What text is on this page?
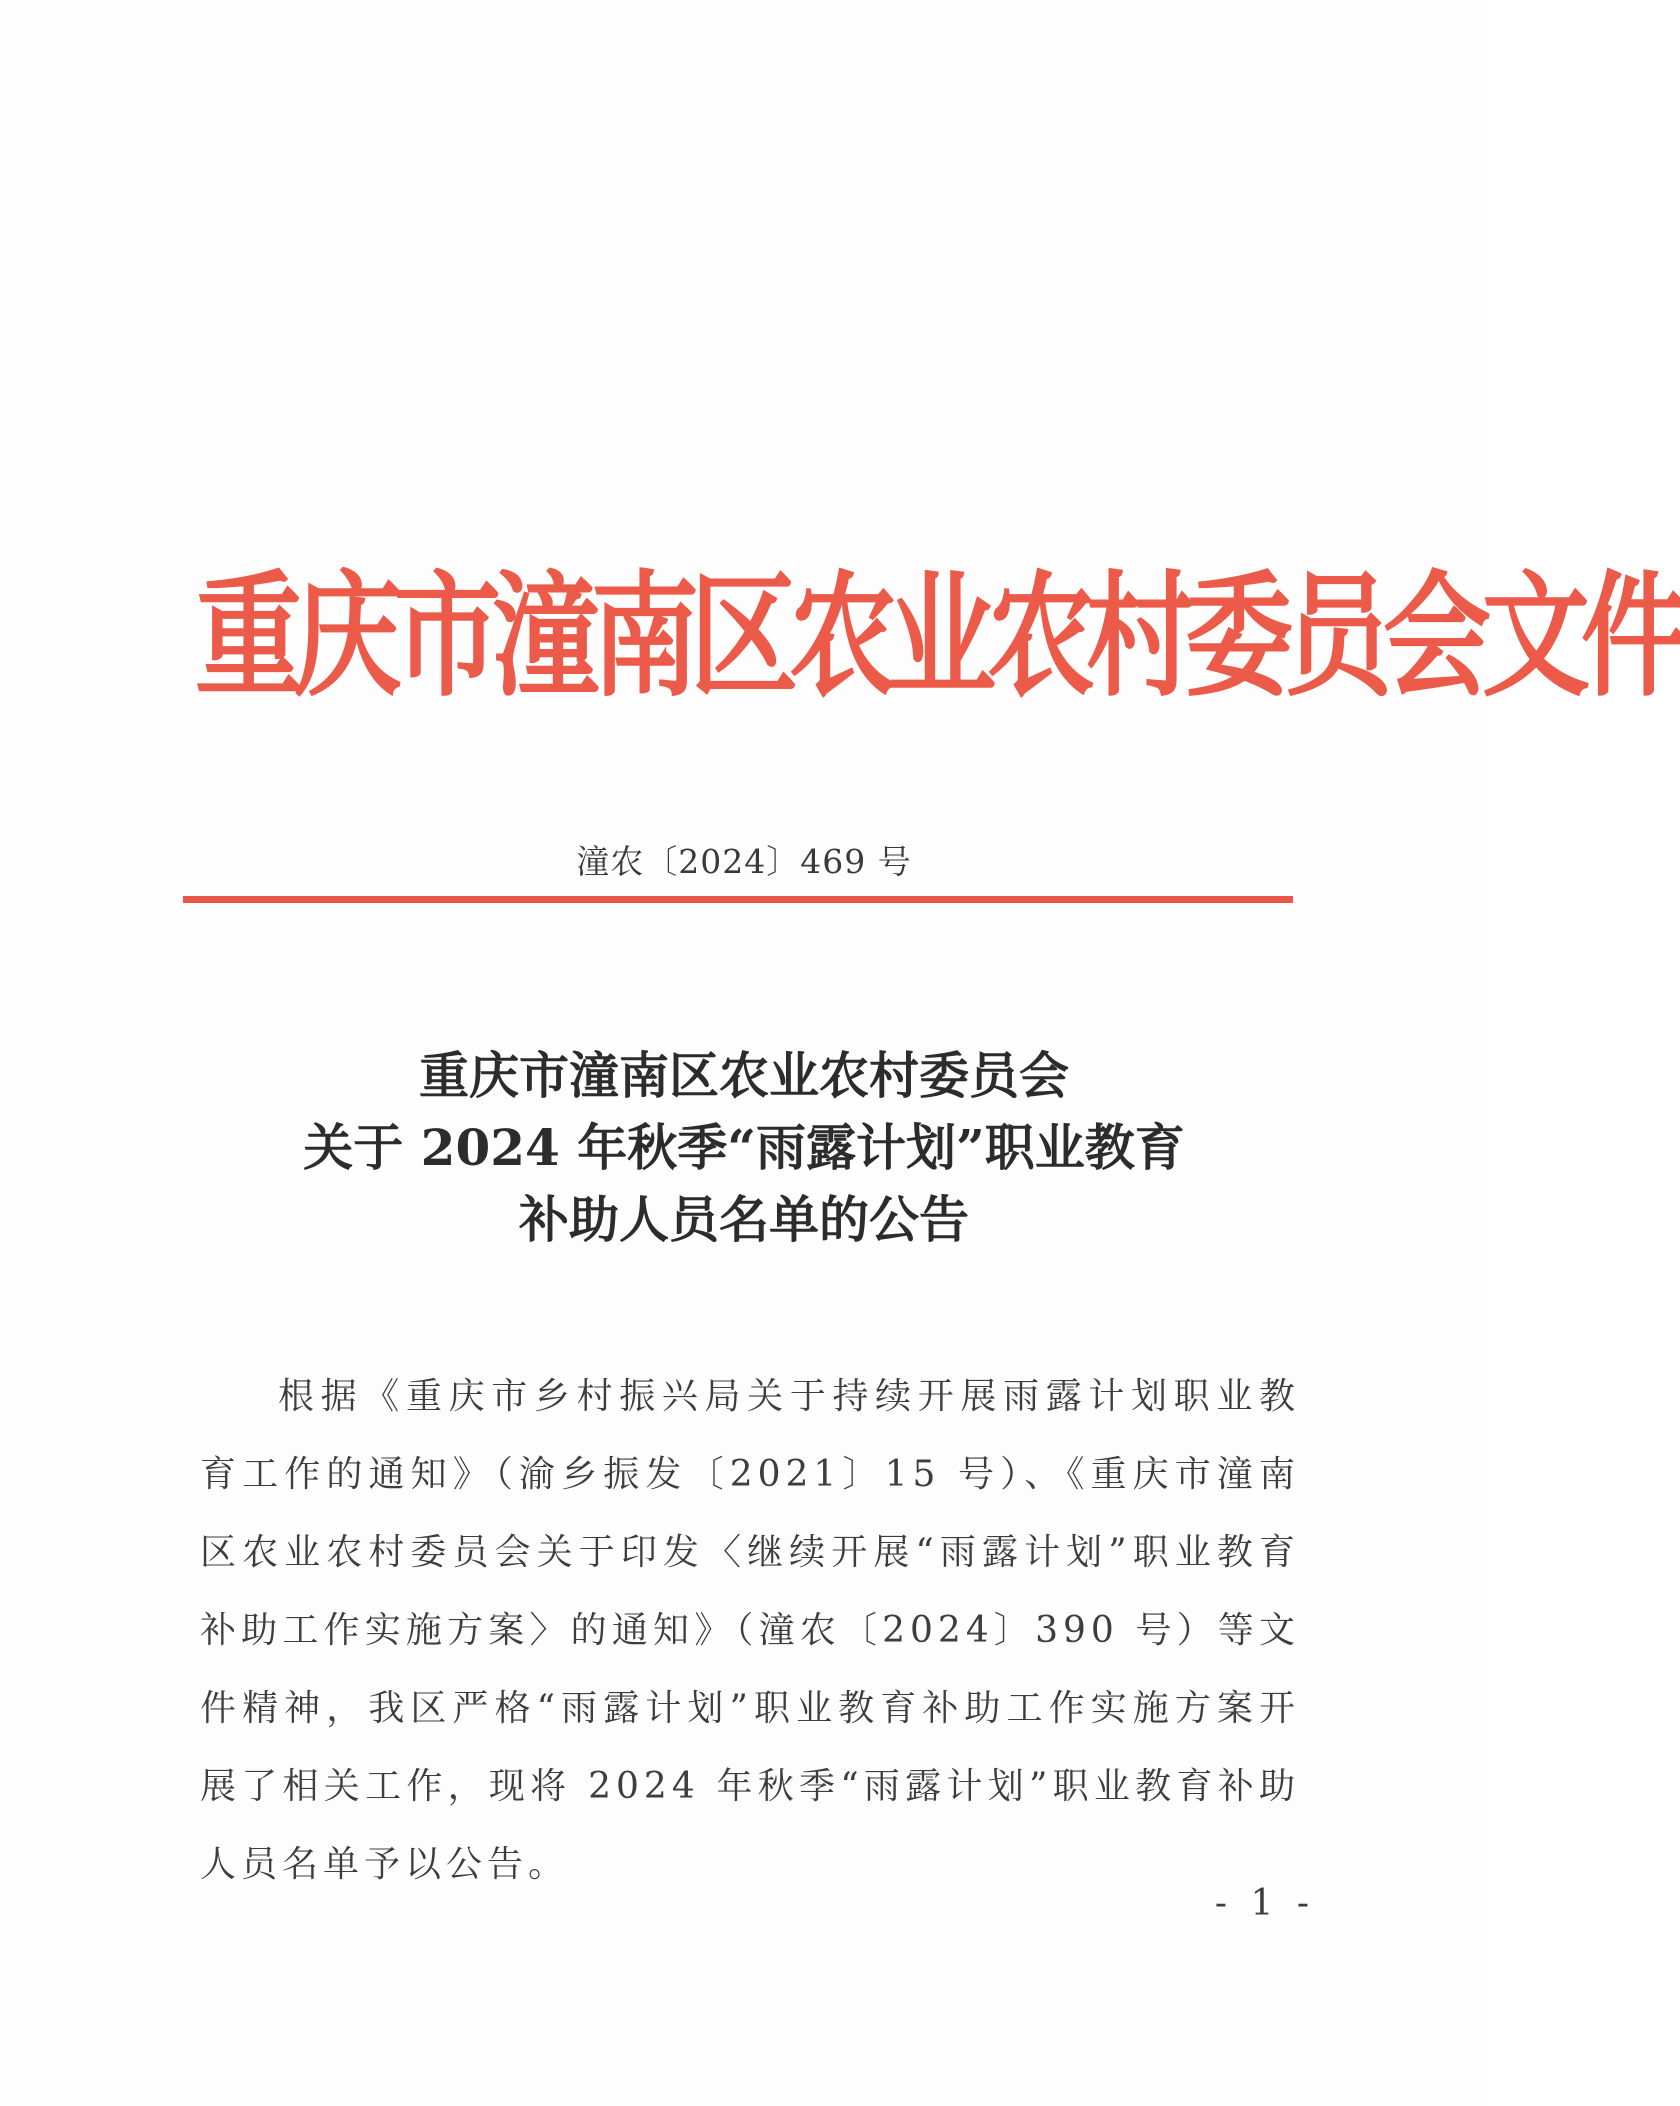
重庆市潼南区农业农村委员会文件
潼农〔2024〕469 号
重庆市潼南区农业农村委员会
关于 2024 年秋季“雨露计划”职业教育
补助人员名单的公告
根据《重庆市乡村振兴局关于持续开展雨露计划职业教育工作的通知》（渝乡振发〔2021〕15 号）、《重庆市潼南区农业农村委员会关于印发〈继续开展“雨露计划”职业教育补助工作实施方案〉的通知》（潼农〔2024〕390 号）等文件精神，我区严格“雨露计划”职业教育补助工作实施方案开展了相关工作，现将 2024 年秋季“雨露计划”职业教育补助人员名单予以公告。
- 1 -
